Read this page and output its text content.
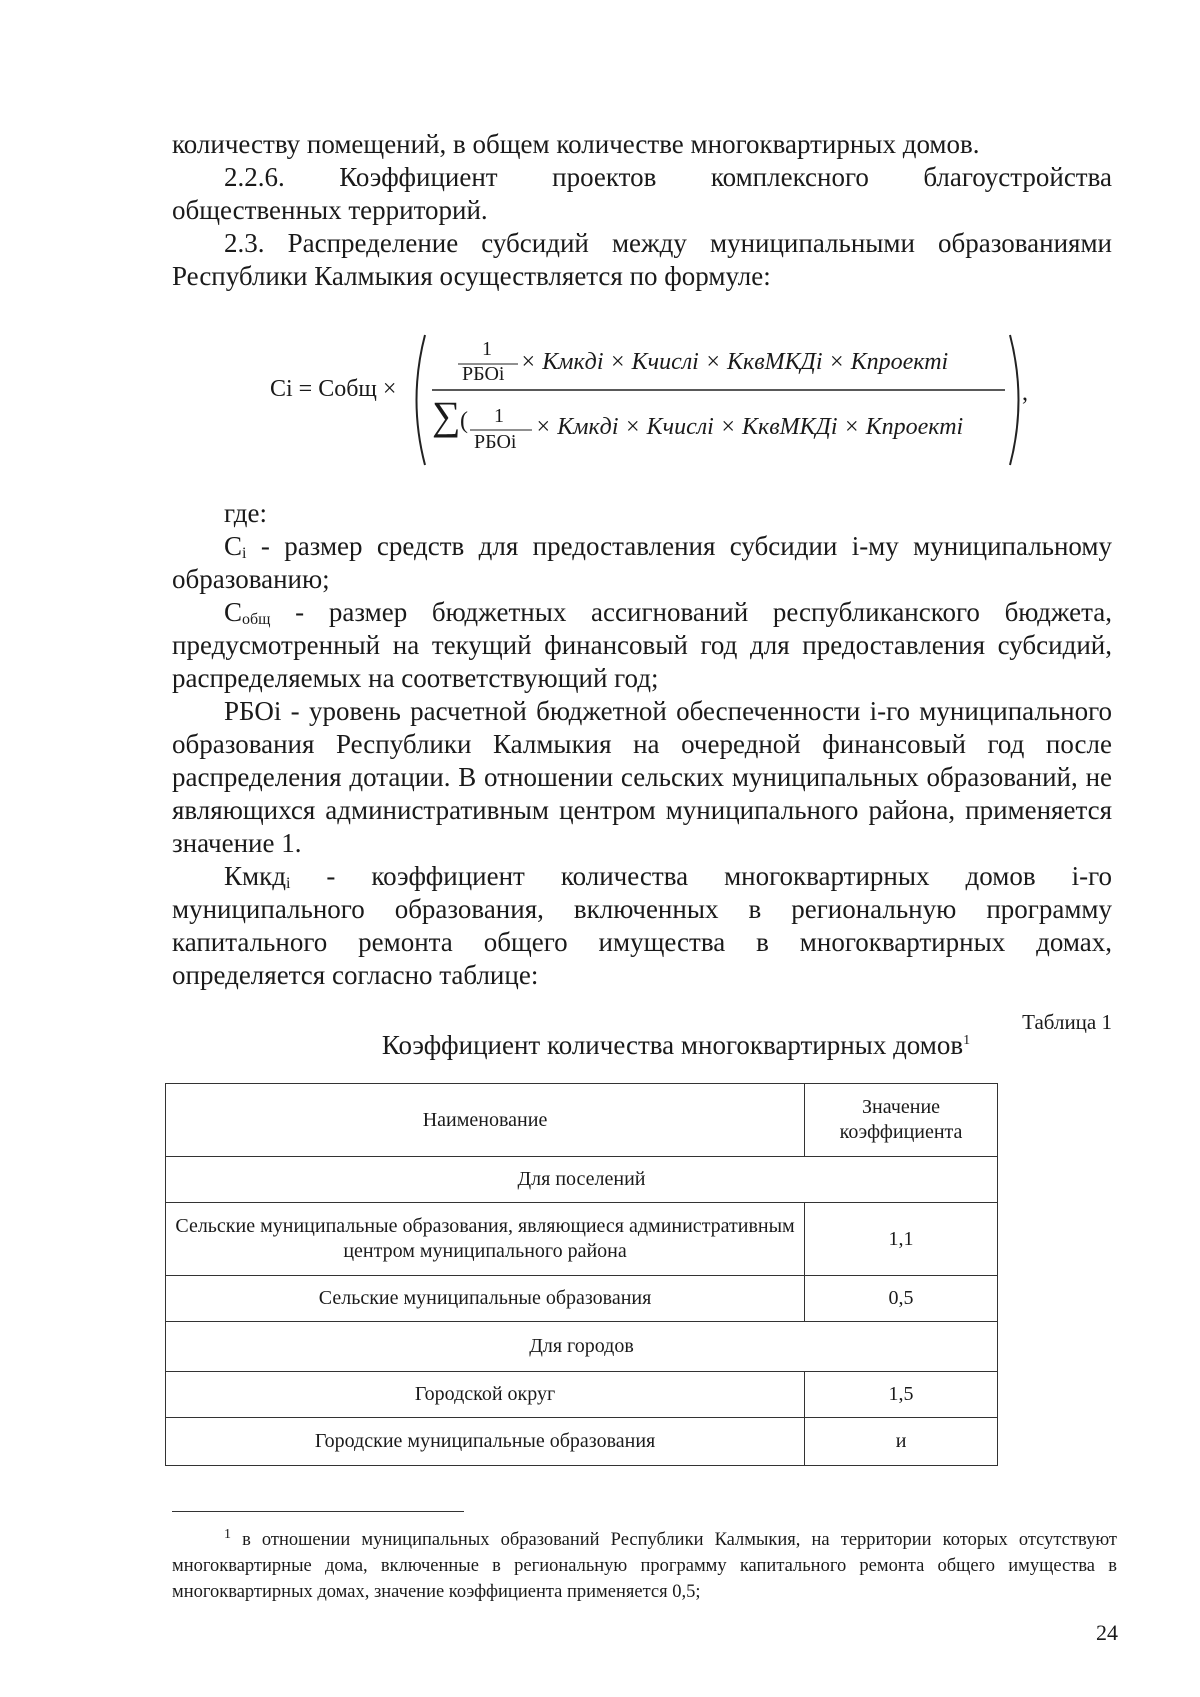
количеству помещений, в общем количестве многоквартирных домов.

2.2.6. Коэффициент проектов комплексного благоустройства

общественных территорий.

2.3. Распределение субсидий между муниципальными образованиями

Республики Калмыкия осуществляется по формуле:

Ci = Cобщ ×
1
РБОi × Кмкдi × Кчислi × КквМКДi × Кпроектi
∑ ( 1
РБОi
× Кмкдi × Кчислi × КквМКДi × Кпроектi
,

где:

$C_i$ - размер средств для предоставления субсидии i-му муниципальному образованию;

$C_{общ}$ - размер бюджетных ассигнований республиканского бюджета, предусмотренный на текущий финансовый год для предоставления субсидий, распределяемых на соответствующий год;

РБОi - уровень расчетной бюджетной обеспеченности i-го муниципального образования Республики Калмыкия на очередной финансовый год после распределения дотации. В отношении сельских муниципальных образований, не являющихся административным центром муниципального района, применяется значение 1.

Кмкд$_i$ - коэффициент количества многоквартирных домов i-го муниципального образования, включенных в региональную программу капитального ремонта общего имущества в многоквартирных домах, определяется согласно таблице:

Таблица 1
Коэффициент количества многоквартирных домов$^1$
Наименование	Значение коэффициента
Для поселений	
Сельские муниципальные образования, являющиеся административным центром муниципального района	1,1
Сельские муниципальные образования	0,5
Для городов	
Городской округ	1,5
Городские муниципальные образования	и

$^1$ в отношении муниципальных образований Республики Калмыкия, на территории которых отсутствуют многоквартирные дома, включенные в региональную программу капитального ремонта общего имущества в многоквартирных домах, значение коэффициента применяется 0,5;

24
